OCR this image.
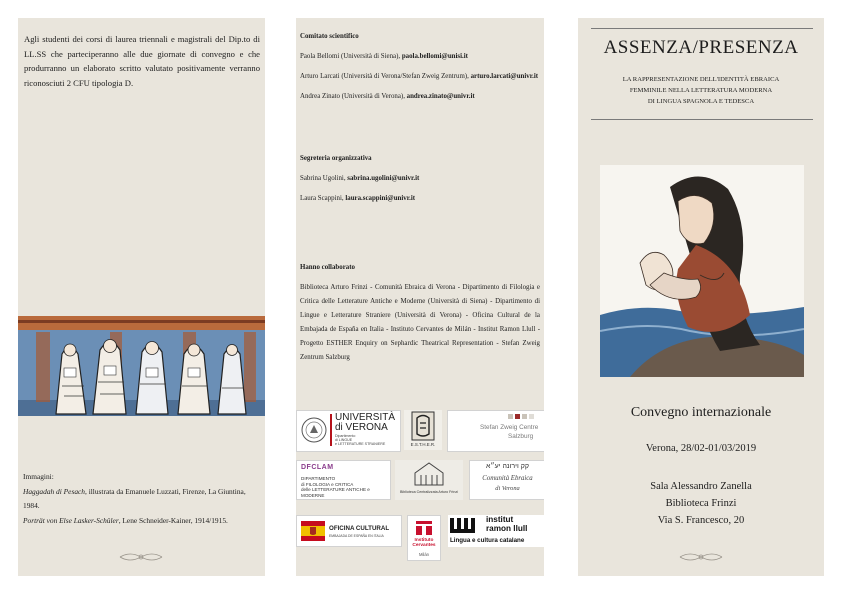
Agli studenti dei corsi di laurea triennali e magistrali del Dip.to di LL.SS che parteciperanno alle due giornate di convegno e che produrranno un elaborato scritto valutato positivamente verranno riconosciuti 2 CFU tipologia D.
Immagini:
Haggadah di Pesach, illustrata da Emanuele Luzzati, Firenze, La Giuntina, 1984.
Porträt von Else Lasker-Schüler, Lene Schneider-Kainer, 1914/1915.
Comitato scientifico
Paola Bellomi (Università di Siena), paola.bellomi@unisi.it
Arturo Larcati (Università di Verona/Stefan Zweig Zentrum), arturo.larcati@univr.it
Andrea Zinato (Università di Verona), andrea.zinato@univr.it
Segreteria organizzativa
Sabrina Ugolini, sabrina.ugolini@univr.it
Laura Scappini, laura.scappini@univr.it
Hanno collaborato
Biblioteca Arturo Frinzi - Comunità Ebraica di Verona - Dipartimento di Filologia e Critica delle Letterature Antiche e Moderne (Università di Siena) - Dipartimento di Lingue e Letterature Straniere (Università di Verona) - Oficina Cultural de la Embajada de España en Italia - Instituto Cervantes de Milán - Institut Ramon Llull - Progetto ESTHER Enquiry on Sephardic Theatrical Representation - Stefan Zweig Zentrum Salzburg
UNIVERSITÀ
di VERONA
Dipartimento
di LINGUE
e LETTERATURE STRANIERE	E.S.T.H.E.R.
Stefan Zweig Centre
Salzburg
DFCLAM
DIPARTIMENTO
di FILOLOGIA e CRITICA
delle LETTERATURE ANTICHE e MODERNE
Biblioteca Centralizzata Arturo Frinzi
קק וירונה יע״א
Comunità Ebraica
di Verona
OFICINA CULTURAL
EMBAJADA DE ESPAÑA EN ITALIA
Instituto
Cervantes
Milán
institut
ramon llull
Lingua e cultura catalane
ASSENZA/PRESENZA
LA RAPPRESENTAZIONE DELL'IDENTITÀ EBRAICA
FEMMINILE NELLA LETTERATURA MODERNA
DI LINGUA SPAGNOLA E TEDESCA
Convegno internazionale
Verona, 28/02-01/03/2019
Sala Alessandro Zanella
Biblioteca Frinzi
Via S. Francesco, 20
